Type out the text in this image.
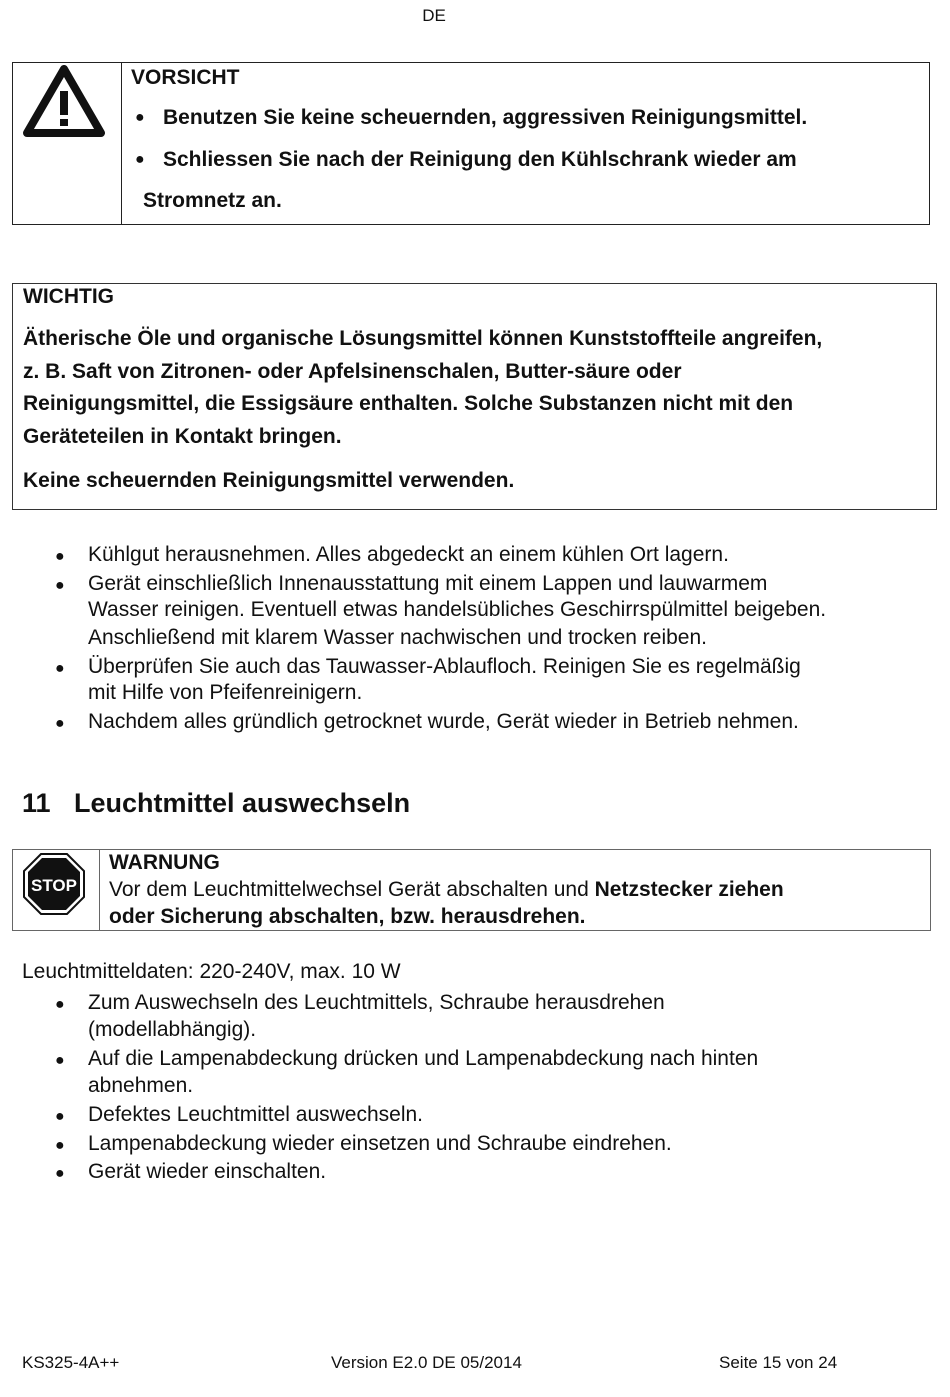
DE
VORSICHT
● Benutzen Sie keine scheuernden, aggressiven Reinigungsmittel.
● Schliessen Sie nach der Reinigung den Kühlschrank wieder am
Stromnetz an.
WICHTIG
Ätherische Öle und organische Lösungsmittel können Kunststoffteile angreifen,
z. B. Saft von Zitronen- oder Apfelsinenschalen, Butter-säure oder
Reinigungsmittel, die Essigsäure enthalten. Solche Substanzen nicht mit den
Geräteteilen in Kontakt bringen.
Keine scheuernden Reinigungsmittel verwenden.
● Kühlgut herausnehmen. Alles abgedeckt an einem kühlen Ort lagern.
● Gerät einschließlich Innenausstattung mit einem Lappen und lauwarmem
Wasser reinigen. Eventuell etwas handelsübliches Geschirrspülmittel beigeben.
Anschließend mit klarem Wasser nachwischen und trocken reiben.
● Überprüfen Sie auch das Tauwasser-Ablaufloch. Reinigen Sie es regelmäßig
mit Hilfe von Pfeifenreinigern.
● Nachdem alles gründlich getrocknet wurde, Gerät wieder in Betrieb nehmen.
11 Leuchtmittel auswechseln
STOP
WARNUNG
Vor dem Leuchtmittelwechsel Gerät abschalten und Netzstecker ziehen
oder Sicherung abschalten, bzw. herausdrehen.
Leuchtmitteldaten: 220-240V, max. 10 W
● Zum Auswechseln des Leuchtmittels, Schraube herausdrehen
(modellabhängig).
● Auf die Lampenabdeckung drücken und Lampenabdeckung nach hinten
abnehmen.
● Defektes Leuchtmittel auswechseln.
● Lampenabdeckung wieder einsetzen und Schraube eindrehen.
● Gerät wieder einschalten.
KS325-4A++	Version E2.0 DE 05/2014	Seite 15 von 24
